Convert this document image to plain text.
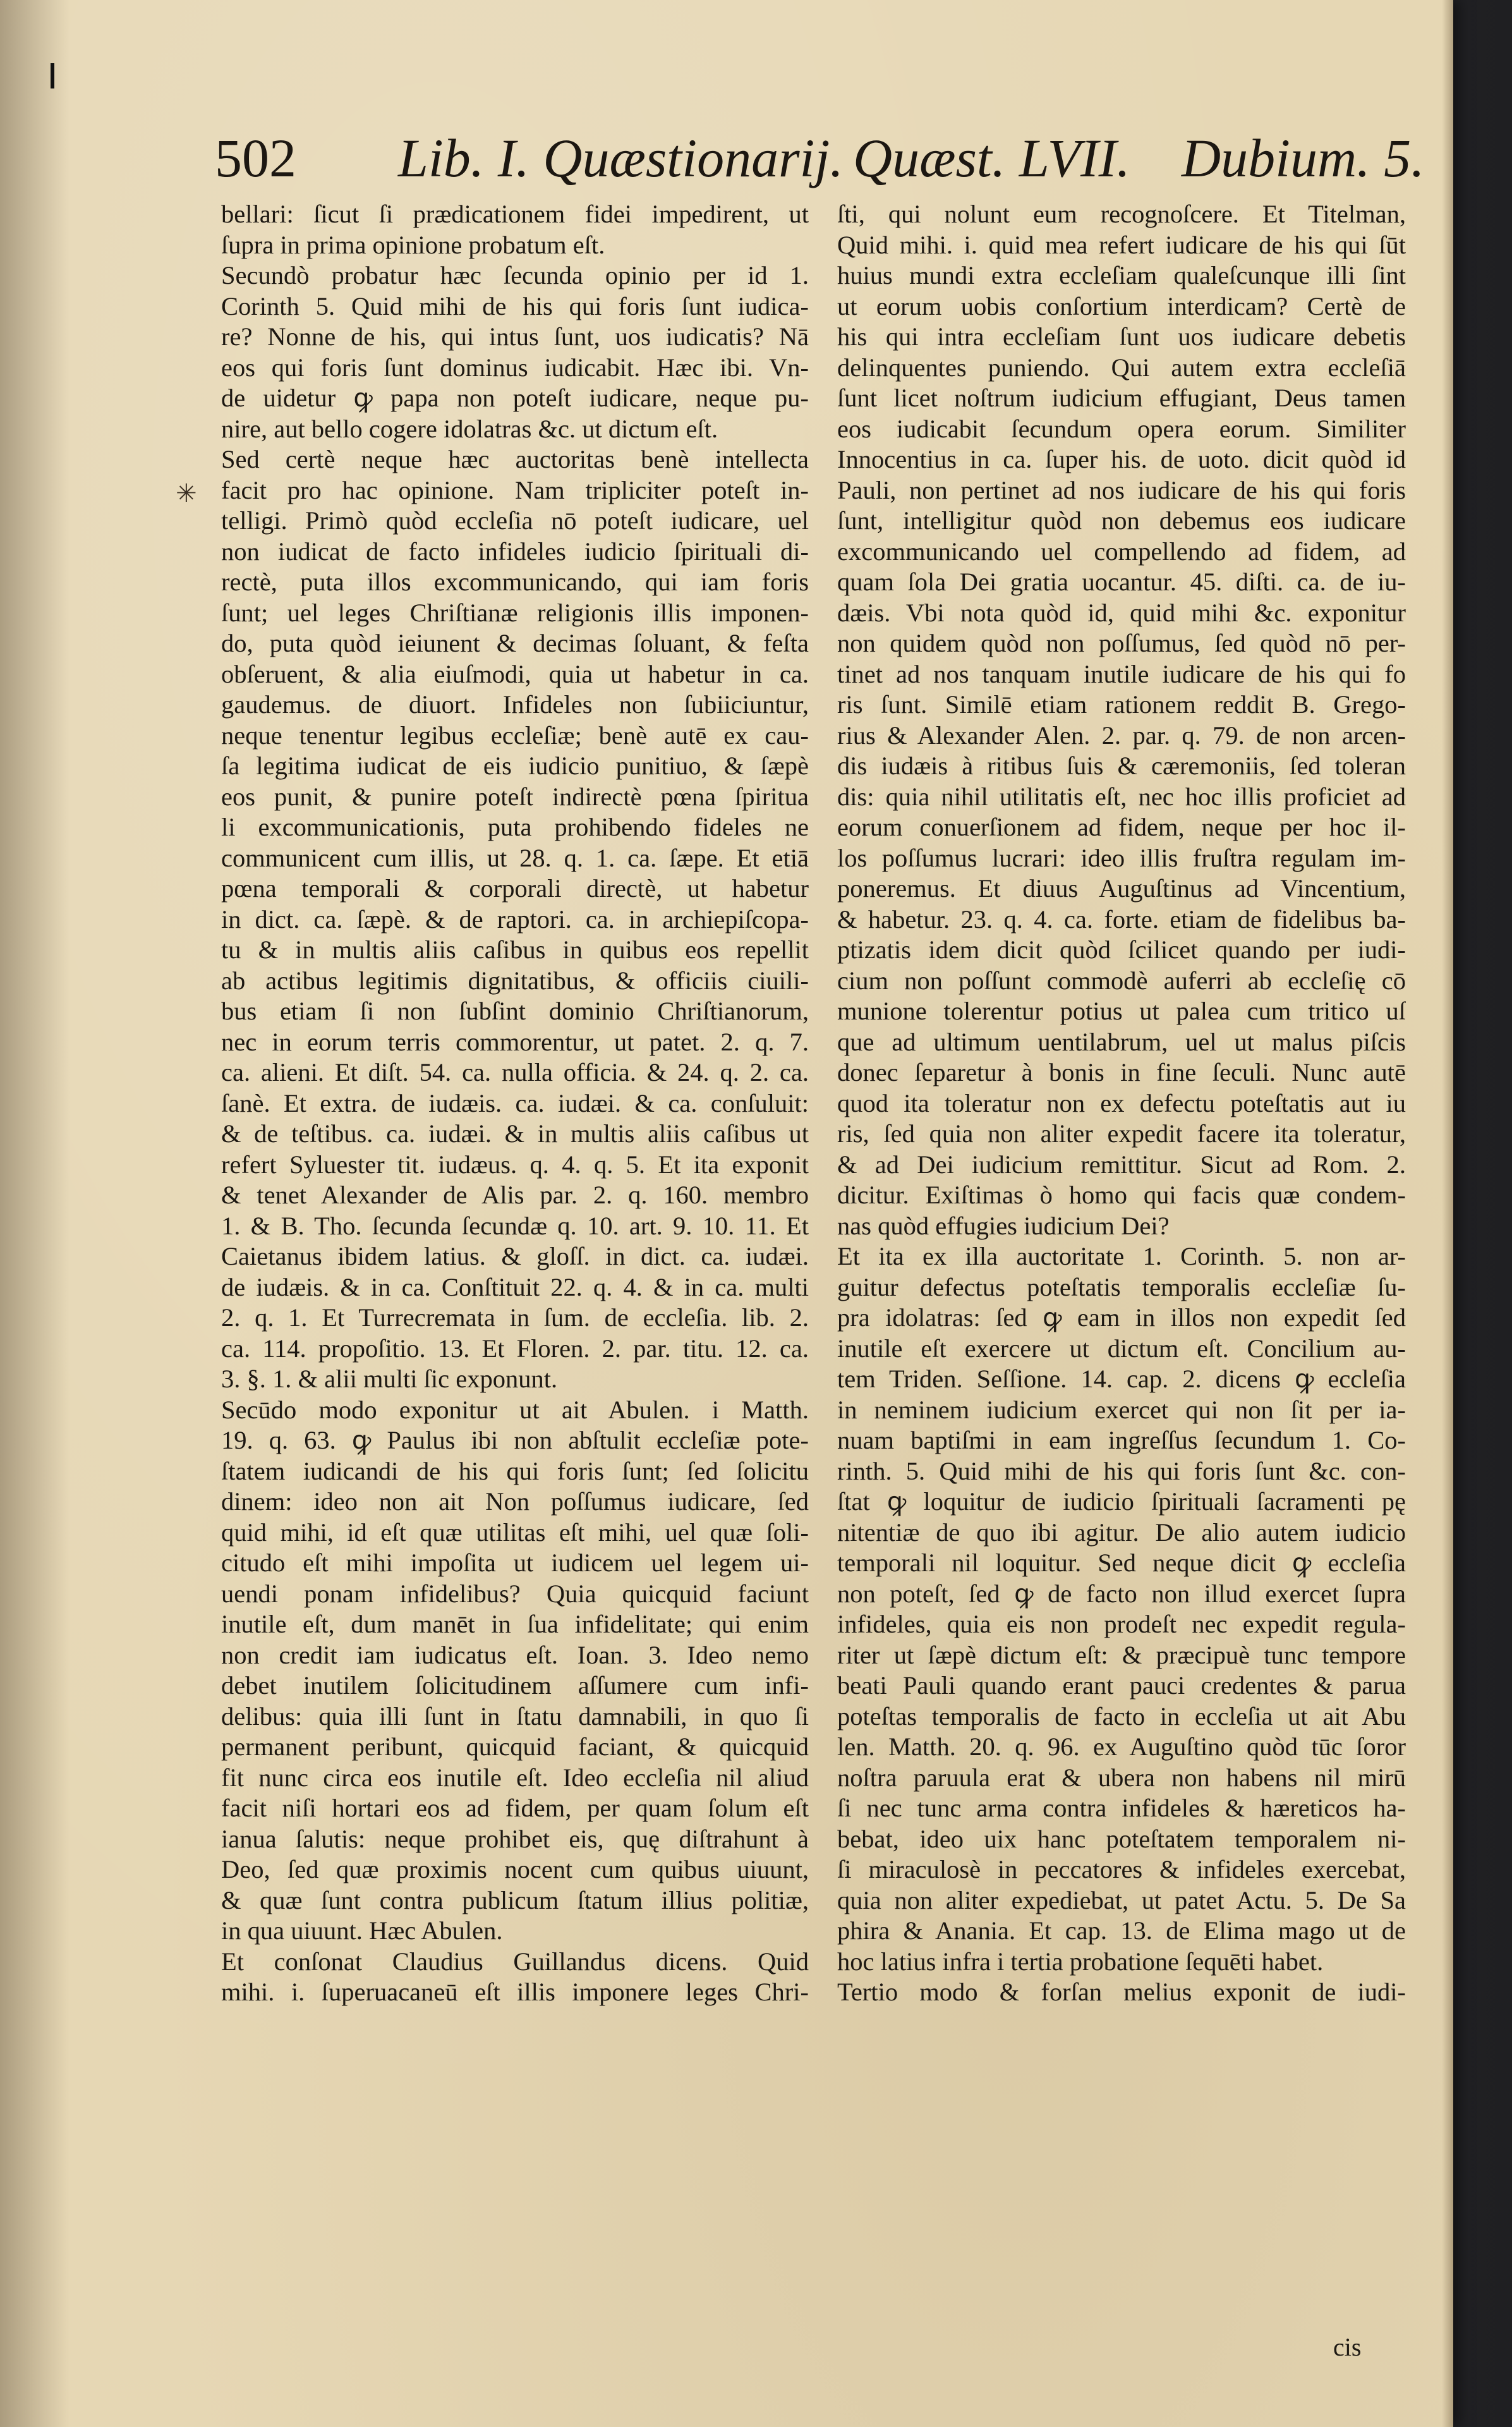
✳
502 Lib. I. Quæstionarij. Quæst. LVII. Dubium. 5.
bellari: ſicut ſi prædicationem fidei impedirent, ut
ſupra in prima opinione probatum eſt.
Secundò probatur hæc ſecunda opinio per id 1.
Corinth 5. Quid mihi de his qui foris ſunt iudica-
re? Nonne de his, qui intus ſunt, uos iudicatis? Nā
eos qui foris ſunt dominus iudicabit. Hæc ibi. Vn-
de uidetur ꝙ papa non poteſt iudicare, neque pu-
nire, aut bello cogere idolatras &c. ut dictum eſt.
Sed certè neque hæc auctoritas benè intellecta
facit pro hac opinione. Nam tripliciter poteſt in-
telligi. Primò quòd eccleſia nō poteſt iudicare, uel
non iudicat de facto infideles iudicio ſpirituali di-
rectè, puta illos excommunicando, qui iam foris
ſunt; uel leges Chriſtianæ religionis illis imponen-
do, puta quòd ieiunent & decimas ſoluant, & feſta
obſeruent, & alia eiuſmodi, quia ut habetur in ca.
gaudemus. de diuort. Infideles non ſubiiciuntur,
neque tenentur legibus eccleſiæ; benè autē ex cau-
ſa legitima iudicat de eis iudicio punitiuo, & ſæpè
eos punit, & punire poteſt indirectè pœna ſpiritua
li excommunicationis, puta prohibendo fideles ne
communicent cum illis, ut 28. q. 1. ca. ſæpe. Et etiā
pœna temporali & corporali directè, ut habetur
in dict. ca. ſæpè. & de raptori. ca. in archiepiſcopa-
tu & in multis aliis caſibus in quibus eos repellit
ab actibus legitimis dignitatibus, & officiis ciuili-
bus etiam ſi non ſubſint dominio Chriſtianorum,
nec in eorum terris commorentur, ut patet. 2. q. 7.
ca. alieni. Et diſt. 54. ca. nulla officia. & 24. q. 2. ca.
ſanè. Et extra. de iudæis. ca. iudæi. & ca. conſuluit:
& de teſtibus. ca. iudæi. & in multis aliis caſibus ut
refert Syluester tit. iudæus. q. 4. q. 5. Et ita exponit
& tenet Alexander de Alis par. 2. q. 160. membro
1. & B. Tho. ſecunda ſecundæ q. 10. art. 9. 10. 11. Et
Caietanus ibidem latius. & gloſſ. in dict. ca. iudæi.
de iudæis. & in ca. Conſtituit 22. q. 4. & in ca. multi
2. q. 1. Et Turrecremata in ſum. de eccleſia. lib. 2.
ca. 114. propoſitio. 13. Et Floren. 2. par. titu. 12. ca.
3. §. 1. & alii multi ſic exponunt.
Secūdo modo exponitur ut ait Abulen. i Matth.
19. q. 63. ꝙ Paulus ibi non abſtulit eccleſiæ pote-
ſtatem iudicandi de his qui foris ſunt; ſed ſolicitu
dinem: ideo non ait Non poſſumus iudicare, ſed
quid mihi, id eſt quæ utilitas eſt mihi, uel quæ ſoli-
citudo eſt mihi impoſita ut iudicem uel legem ui-
uendi ponam infidelibus? Quia quicquid faciunt
inutile eſt, dum manēt in ſua infidelitate; qui enim
non credit iam iudicatus eſt. Ioan. 3. Ideo nemo
debet inutilem ſolicitudinem aſſumere cum infi-
delibus: quia illi ſunt in ſtatu damnabili, in quo ſi
permanent peribunt, quicquid faciant, & quicquid
fit nunc circa eos inutile eſt. Ideo eccleſia nil aliud
facit niſi hortari eos ad fidem, per quam ſolum eſt
ianua ſalutis: neque prohibet eis, quę diſtrahunt à
Deo, ſed quæ proximis nocent cum quibus uiuunt,
& quæ ſunt contra publicum ſtatum illius politiæ,
in qua uiuunt. Hæc Abulen.
Et conſonat Claudius Guillandus dicens. Quid
mihi. i. ſuperuacaneū eſt illis imponere leges Chri-
ſti, qui nolunt eum recognoſcere. Et Titelman,
Quid mihi. i. quid mea refert iudicare de his qui ſūt
huius mundi extra eccleſiam qualeſcunque illi ſint
ut eorum uobis conſortium interdicam? Certè de
his qui intra eccleſiam ſunt uos iudicare debetis
delinquentes puniendo. Qui autem extra eccleſiā
ſunt licet noſtrum iudicium effugiant, Deus tamen
eos iudicabit ſecundum opera eorum. Similiter
Innocentius in ca. ſuper his. de uoto. dicit quòd id
Pauli, non pertinet ad nos iudicare de his qui foris
ſunt, intelligitur quòd non debemus eos iudicare
excommunicando uel compellendo ad fidem, ad
quam ſola Dei gratia uocantur. 45. diſti. ca. de iu-
dæis. Vbi nota quòd id, quid mihi &c. exponitur
non quidem quòd non poſſumus, ſed quòd nō per-
tinet ad nos tanquam inutile iudicare de his qui fo
ris ſunt. Similē etiam rationem reddit B. Grego-
rius & Alexander Alen. 2. par. q. 79. de non arcen-
dis iudæis à ritibus ſuis & cæremoniis, ſed toleran
dis: quia nihil utilitatis eſt, nec hoc illis proficiet ad
eorum conuerſionem ad fidem, neque per hoc il-
los poſſumus lucrari: ideo illis fruſtra regulam im-
poneremus. Et diuus Auguſtinus ad Vincentium,
& habetur. 23. q. 4. ca. forte. etiam de fidelibus ba-
ptizatis idem dicit quòd ſcilicet quando per iudi-
cium non poſſunt commodè auferri ab eccleſię cō
munione tolerentur potius ut palea cum tritico uſ
que ad ultimum uentilabrum, uel ut malus piſcis
donec ſeparetur à bonis in fine ſeculi. Nunc autē
quod ita toleratur non ex defectu poteſtatis aut iu
ris, ſed quia non aliter expedit facere ita toleratur,
& ad Dei iudicium remittitur. Sicut ad Rom. 2.
dicitur. Exiſtimas ò homo qui facis quæ condem-
nas quòd effugies iudicium Dei?
Et ita ex illa auctoritate 1. Corinth. 5. non ar-
guitur defectus poteſtatis temporalis eccleſiæ ſu-
pra idolatras: ſed ꝙ eam in illos non expedit ſed
inutile eſt exercere ut dictum eſt. Concilium au-
tem Triden. Seſſione. 14. cap. 2. dicens ꝙ eccleſia
in neminem iudicium exercet qui non ſit per ia-
nuam baptiſmi in eam ingreſſus ſecundum 1. Co-
rinth. 5. Quid mihi de his qui foris ſunt &c. con-
ſtat ꝙ loquitur de iudicio ſpirituali ſacramenti pę
nitentiæ de quo ibi agitur. De alio autem iudicio
temporali nil loquitur. Sed neque dicit ꝙ eccleſia
non poteſt, ſed ꝙ de facto non illud exercet ſupra
infideles, quia eis non prodeſt nec expedit regula-
riter ut ſæpè dictum eſt: & præcipuè tunc tempore
beati Pauli quando erant pauci credentes & parua
poteſtas temporalis de facto in eccleſia ut ait Abu
len. Matth. 20. q. 96. ex Auguſtino quòd tūc ſoror
noſtra paruula erat & ubera non habens nil mirū
ſi nec tunc arma contra infideles & hæreticos ha-
bebat, ideo uix hanc poteſtatem temporalem ni-
ſi miraculosè in peccatores & infideles exercebat,
quia non aliter expediebat, ut patet Actu. 5. De Sa
phira & Anania. Et cap. 13. de Elima mago ut de
hoc latius infra i tertia probatione ſequēti habet.
Tertio modo & forſan melius exponit de iudi-
cis
